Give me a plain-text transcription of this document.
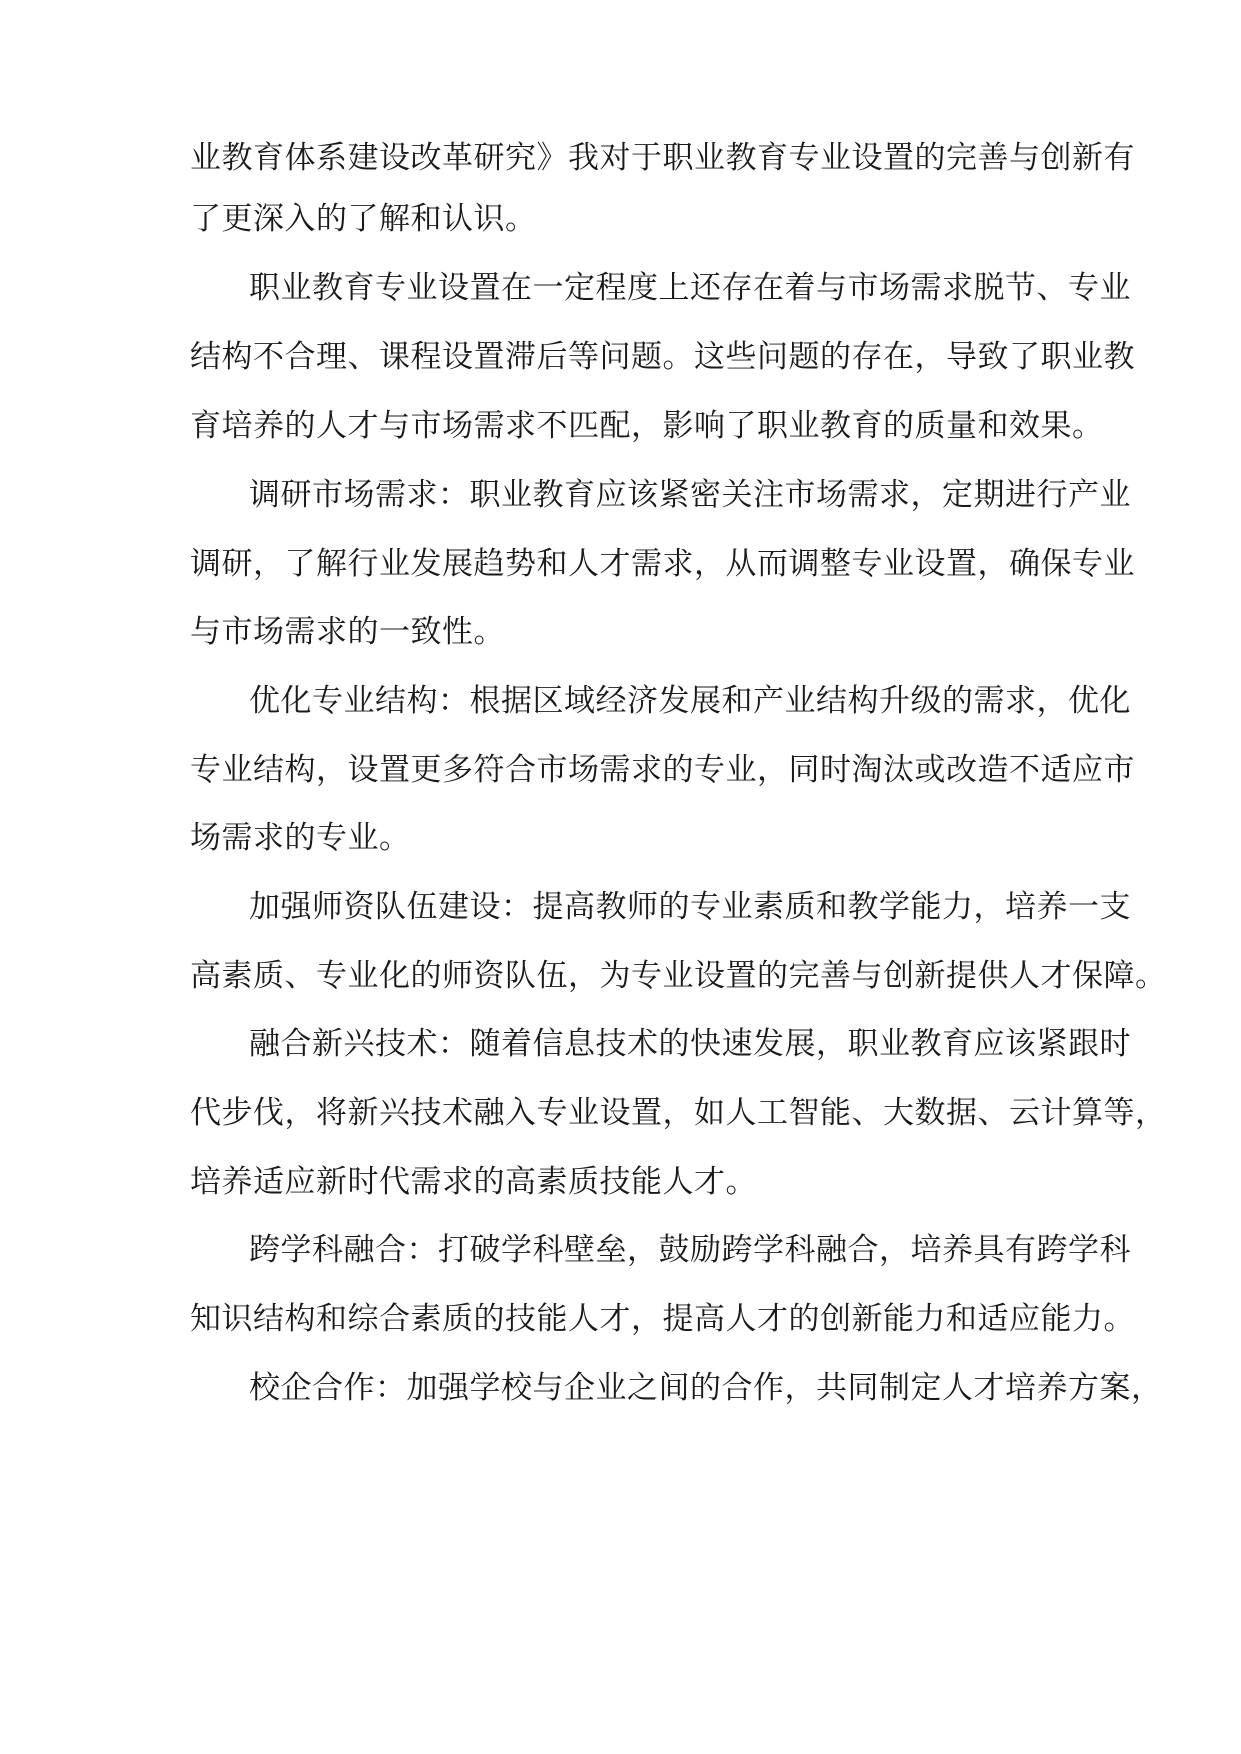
业教育体系建设改革研究》我对于职业教育专业设置的完善与创新有
了更深入的了解和认识。
职业教育专业设置在一定程度上还存在着与市场需求脱节、专业
结构不合理、课程设置滞后等问题。这些问题的存在，导致了职业教
育培养的人才与市场需求不匹配，影响了职业教育的质量和效果。
调研市场需求：职业教育应该紧密关注市场需求，定期进行产业
调研，了解行业发展趋势和人才需求，从而调整专业设置，确保专业
与市场需求的一致性。
优化专业结构：根据区域经济发展和产业结构升级的需求，优化
专业结构，设置更多符合市场需求的专业，同时淘汰或改造不适应市
场需求的专业。
加强师资队伍建设：提高教师的专业素质和教学能力，培养一支
高素质、专业化的师资队伍，为专业设置的完善与创新提供人才保障。
融合新兴技术：随着信息技术的快速发展，职业教育应该紧跟时
代步伐，将新兴技术融入专业设置，如人工智能、大数据、云计算等，
培养适应新时代需求的高素质技能人才。
跨学科融合：打破学科壁垒，鼓励跨学科融合，培养具有跨学科
知识结构和综合素质的技能人才，提高人才的创新能力和适应能力。
校企合作：加强学校与企业之间的合作，共同制定人才培养方案，
